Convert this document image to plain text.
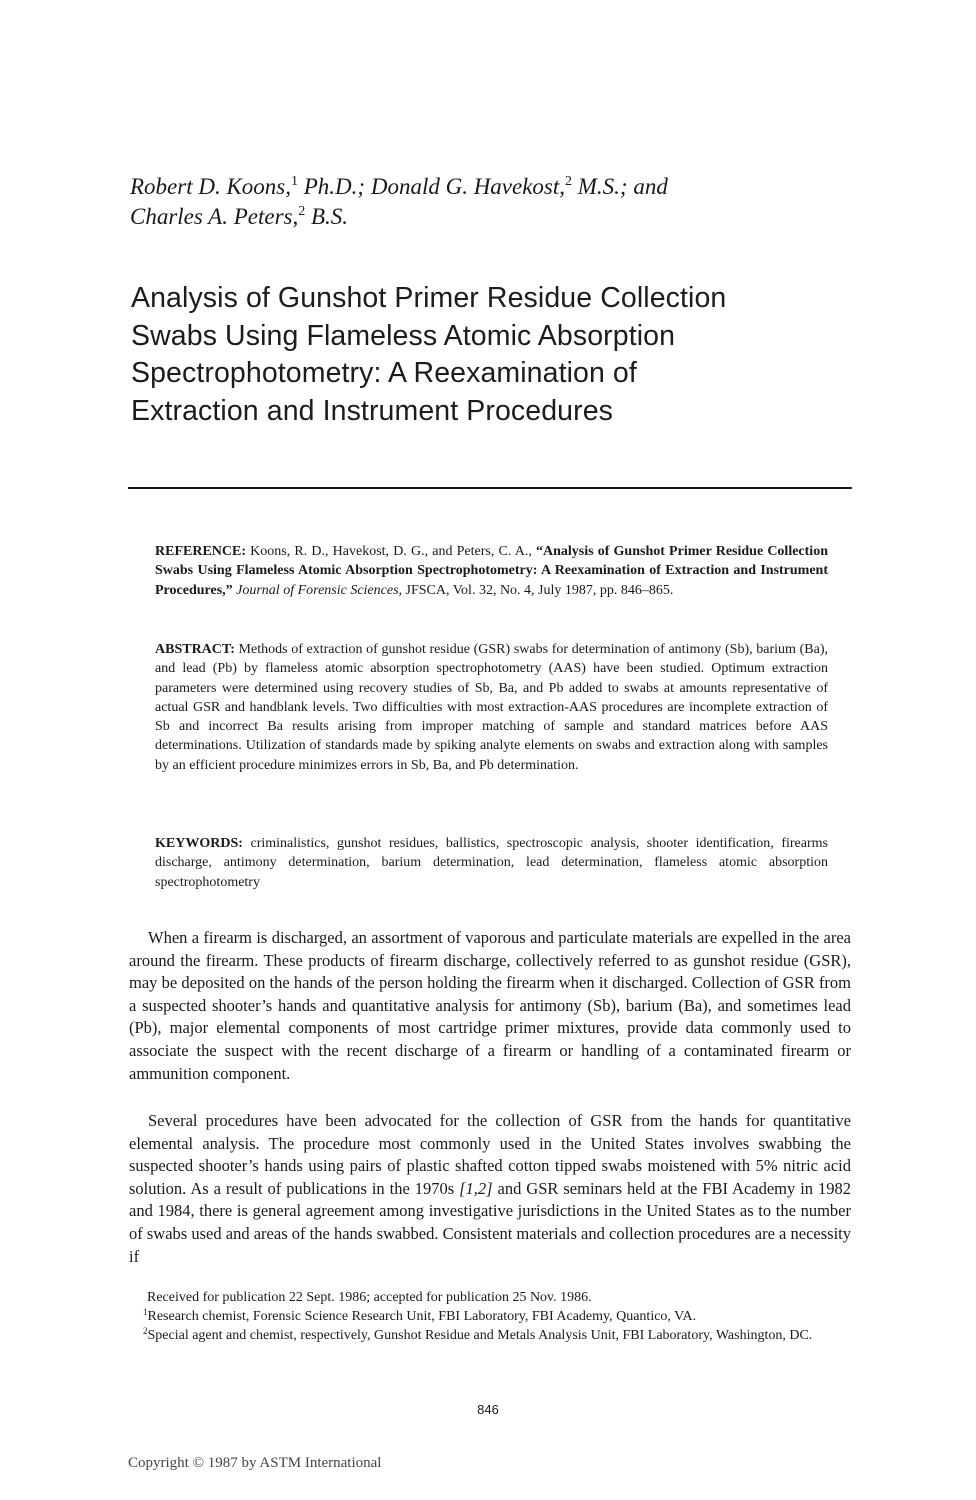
Robert D. Koons,$^1$ Ph.D.; Donald G. Havekost,$^2$ M.S.; and
Charles A. Peters,$^2$ B.S.
Analysis of Gunshot Primer Residue Collection
Swabs Using Flameless Atomic Absorption
Spectrophotometry: A Reexamination of
Extraction and Instrument Procedures
REFERENCE: Koons, R. D., Havekost, D. G., and Peters, C. A., “Analysis of Gunshot Primer Residue Collection Swabs Using Flameless Atomic Absorption Spectrophotometry: A Reexamination of Extraction and Instrument Procedures,” Journal of Forensic Sciences, JFSCA, Vol. 32, No. 4, July 1987, pp. 846–865.
ABSTRACT: Methods of extraction of gunshot residue (GSR) swabs for determination of antimony (Sb), barium (Ba), and lead (Pb) by flameless atomic absorption spectrophotometry (AAS) have been studied. Optimum extraction parameters were determined using recovery studies of Sb, Ba, and Pb added to swabs at amounts representative of actual GSR and handblank levels. Two difficulties with most extraction-AAS procedures are incomplete extraction of Sb and incorrect Ba results arising from improper matching of sample and standard matrices before AAS determinations. Utilization of standards made by spiking analyte elements on swabs and extraction along with samples by an efficient procedure minimizes errors in Sb, Ba, and Pb determination.
KEYWORDS: criminalistics, gunshot residues, ballistics, spectroscopic analysis, shooter identification, firearms discharge, antimony determination, barium determination, lead determination, flameless atomic absorption spectrophotometry

When a firearm is discharged, an assortment of vaporous and particulate materials are expelled in the area around the firearm. These products of firearm discharge, collectively referred to as gunshot residue (GSR), may be deposited on the hands of the person holding the firearm when it discharged. Collection of GSR from a suspected shooter’s hands and quantitative analysis for antimony (Sb), barium (Ba), and sometimes lead (Pb), major elemental components of most cartridge primer mixtures, provide data commonly used to associate the suspect with the recent discharge of a firearm or handling of a contaminated firearm or ammunition component.

Several procedures have been advocated for the collection of GSR from the hands for quantitative elemental analysis. The procedure most commonly used in the United States involves swabbing the suspected shooter’s hands using pairs of plastic shafted cotton tipped swabs moistened with 5% nitric acid solution. As a result of publications in the 1970s [1,2] and GSR seminars held at the FBI Academy in 1982 and 1984, there is general agreement among investigative jurisdictions in the United States as to the number of swabs used and areas of the hands swabbed. Consistent materials and collection procedures are a necessity if

Received for publication 22 Sept. 1986; accepted for publication 25 Nov. 1986.
$^1$Research chemist, Forensic Science Research Unit, FBI Laboratory, FBI Academy, Quantico, VA.
$^2$Special agent and chemist, respectively, Gunshot Residue and Metals Analysis Unit, FBI Laboratory, Washington, DC.
846
Copyright © 1987 by ASTM International
